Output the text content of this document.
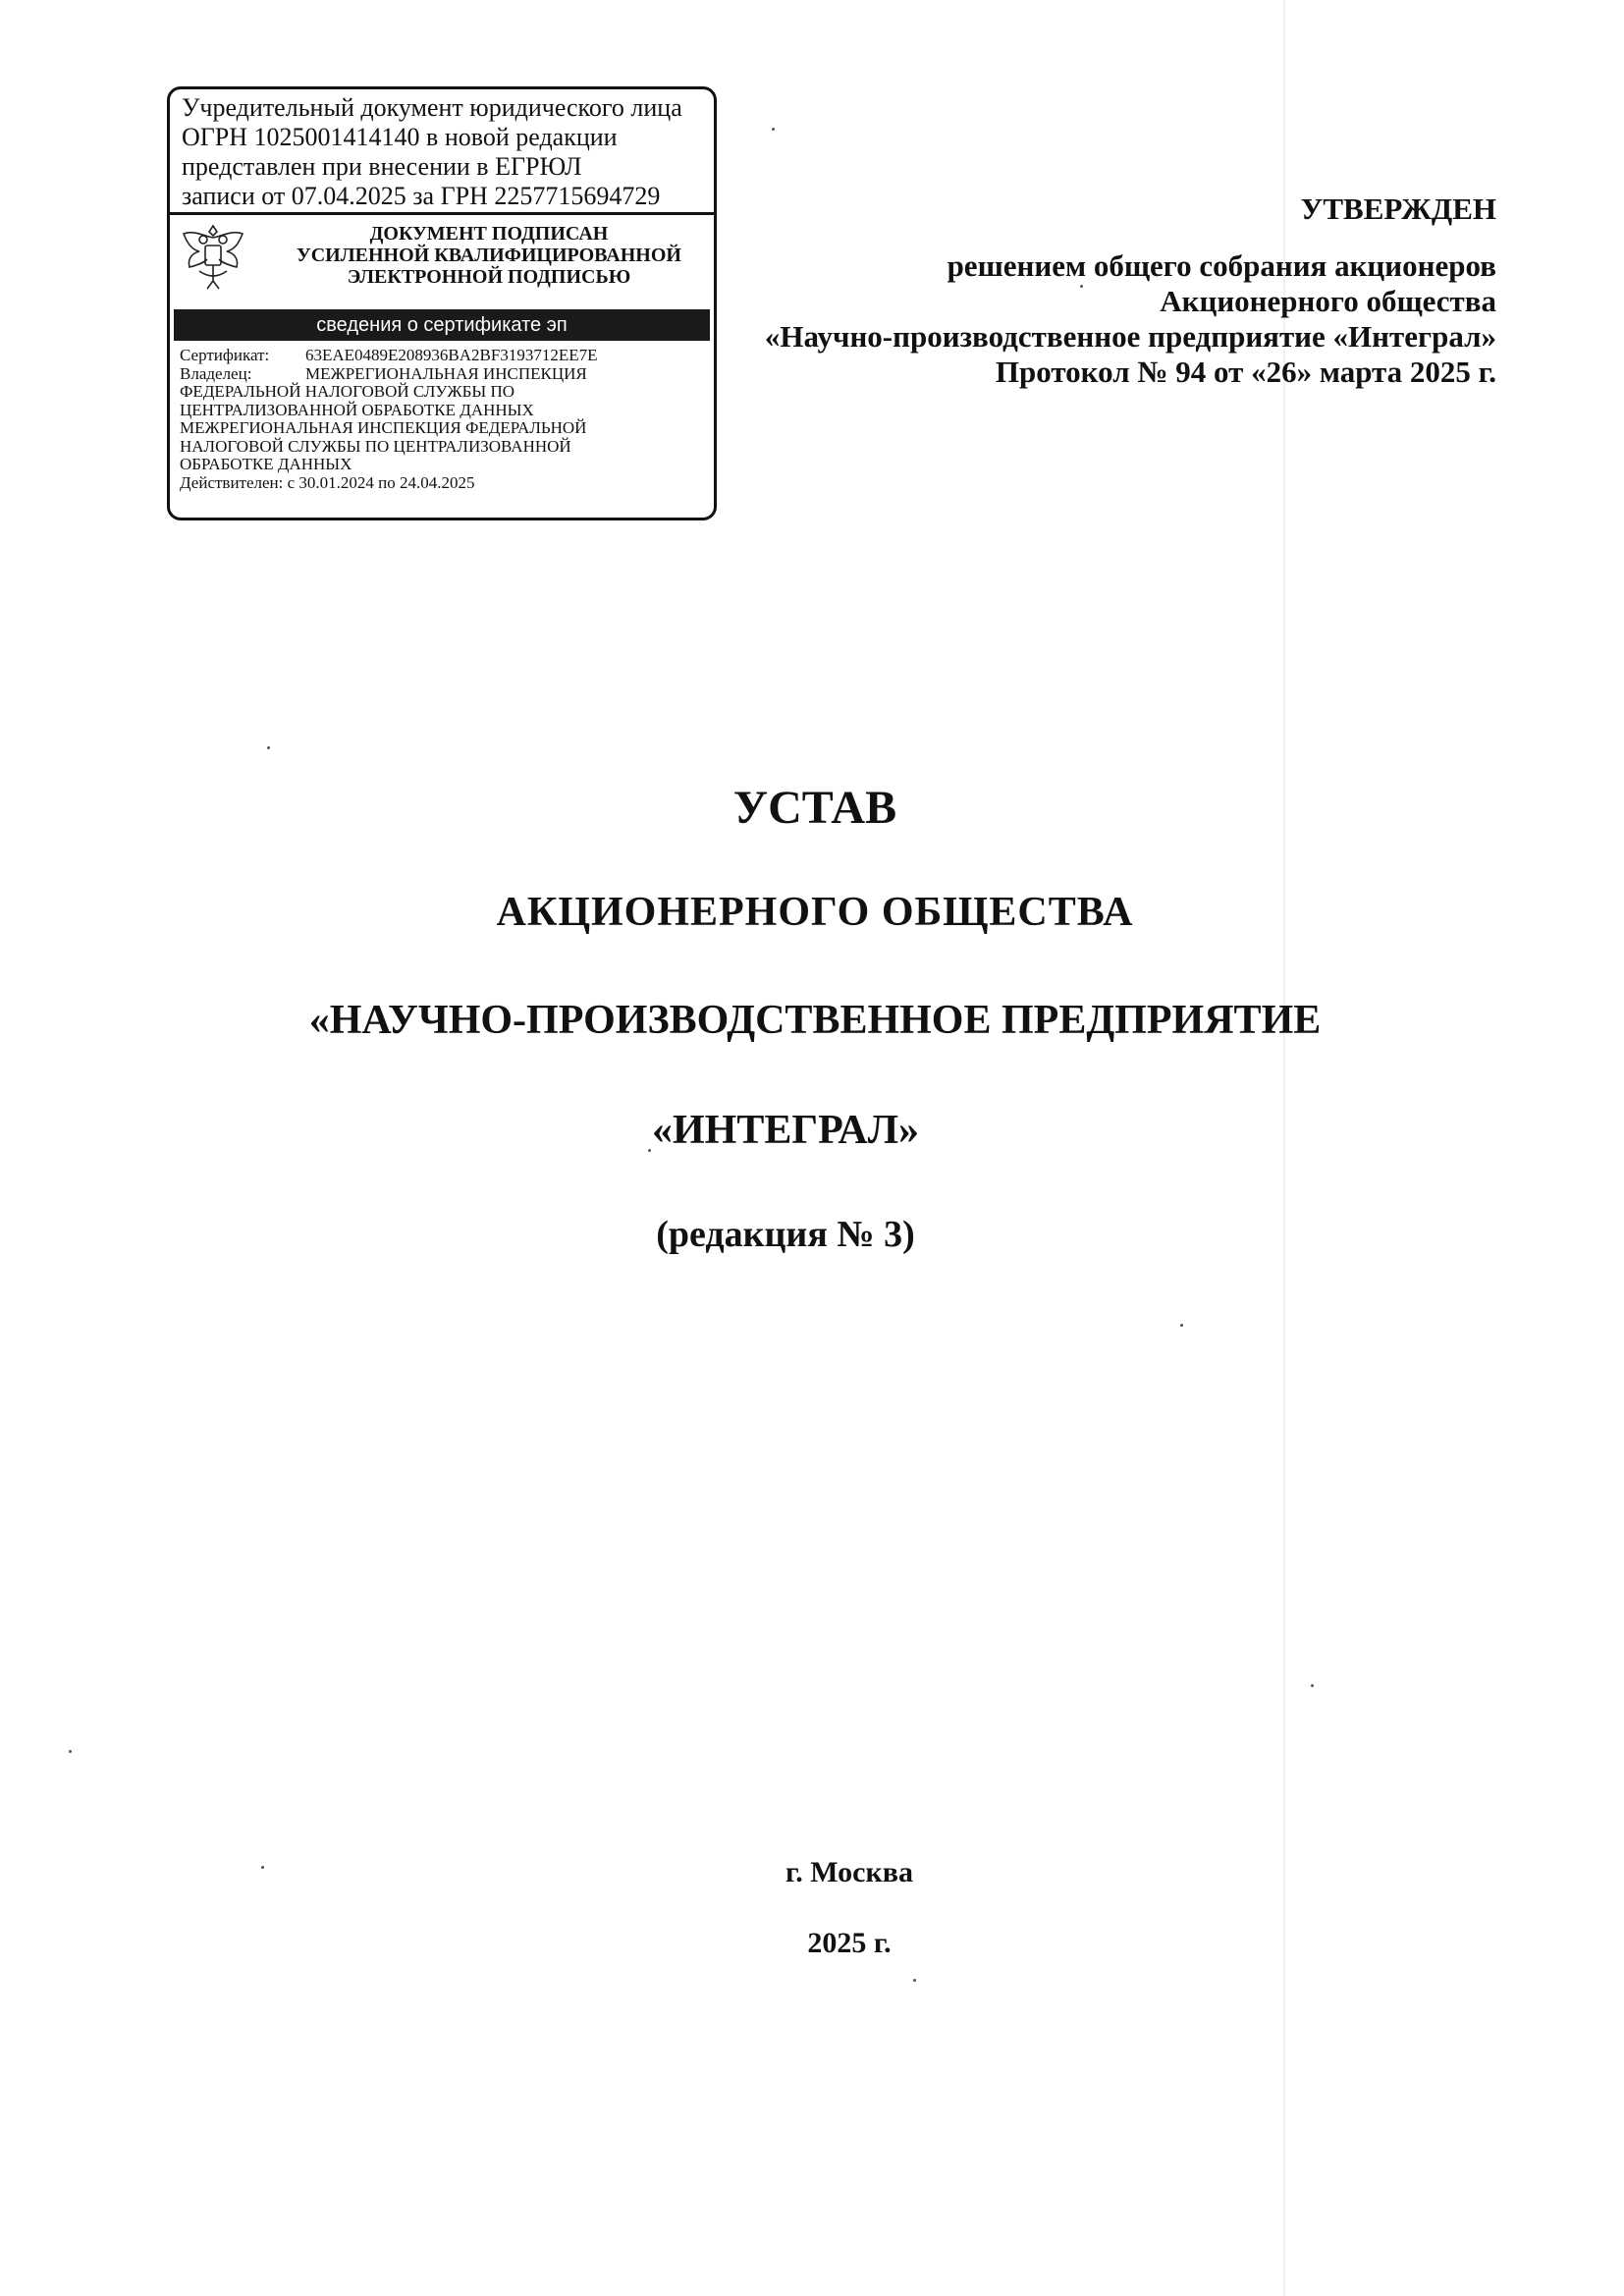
Учредительный документ юридического лица
ОГРН 1025001414140 в новой редакции
представлен при внесении в ЕГРЮЛ
записи от 07.04.2025 за ГРН 2257715694729
ДОКУМЕНТ ПОДПИСАН
УСИЛЕННОЙ КВАЛИФИЦИРОВАННОЙ
ЭЛЕКТРОННОЙ ПОДПИСЬЮ
сведения о сертификате эп
Сертификат: 63EAE0489E208936BA2BF3193712EE7E
Владелец:	МЕЖРЕГИОНАЛЬНАЯ ИНСПЕКЦИЯ
ФЕДЕРАЛЬНОЙ НАЛОГОВОЙ СЛУЖБЫ ПО
ЦЕНТРАЛИЗОВАННОЙ ОБРАБОТКЕ ДАННЫХ
МЕЖРЕГИОНАЛЬНАЯ ИНСПЕКЦИЯ ФЕДЕРАЛЬНОЙ
НАЛОГОВОЙ СЛУЖБЫ ПО ЦЕНТРАЛИЗОВАННОЙ
ОБРАБОТКЕ ДАННЫХ
Действителен: с 30.01.2024 по 24.04.2025
УТВЕРЖДЕН
решением общего собрания акционеров
Акционерного общества
«Научно-производственное предприятие «Интеграл»
Протокол № 94 от «26» марта 2025 г.
УСТАВ
АКЦИОНЕРНОГО ОБЩЕСТВА
«НАУЧНО-ПРОИЗВОДСТВЕННОЕ ПРЕДПРИЯТИЕ
«ИНТЕГРАЛ»
(редакция № 3)
г. Москва
2025 г.
